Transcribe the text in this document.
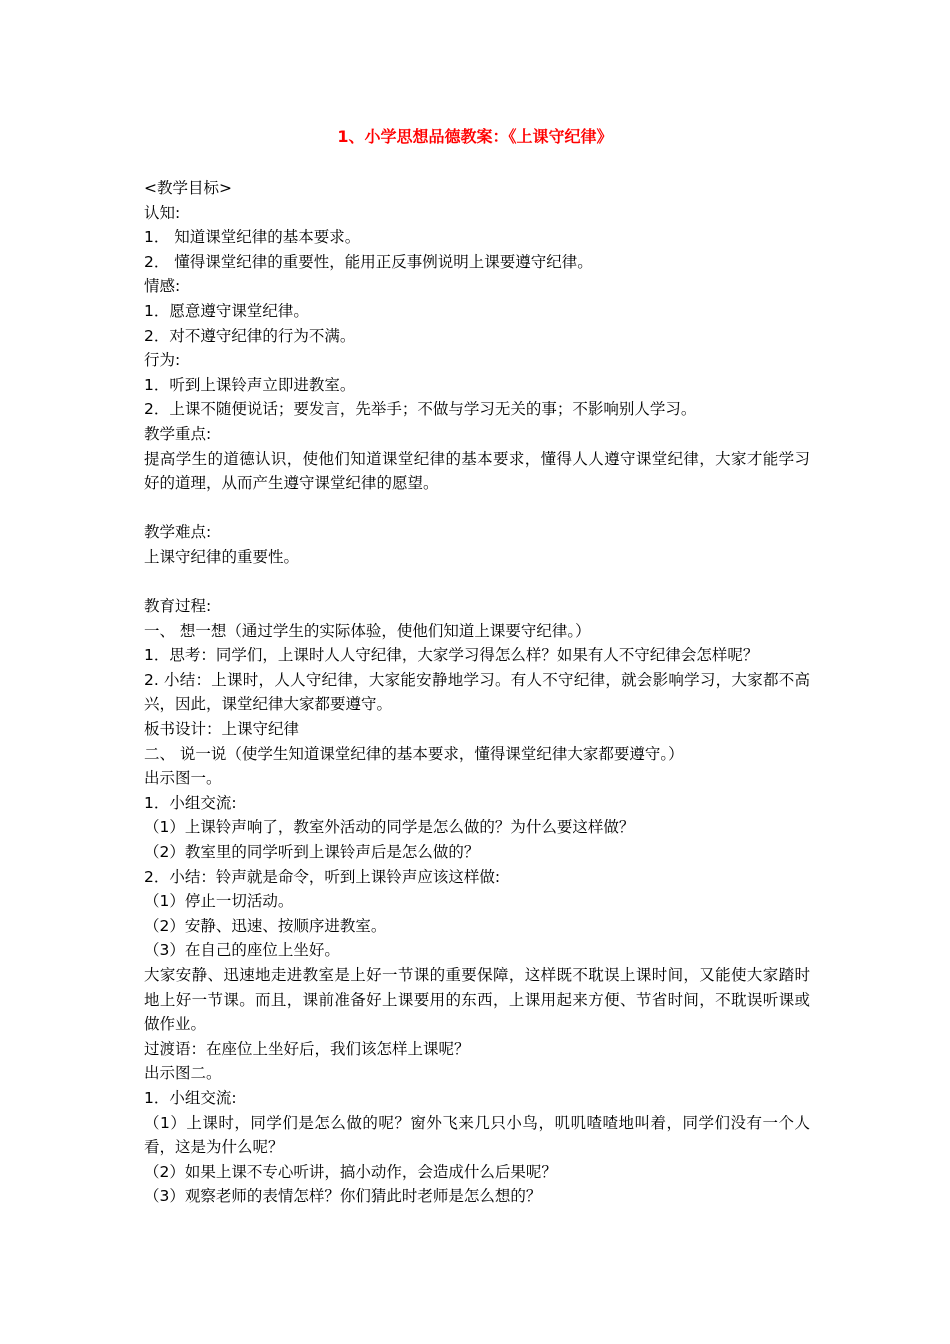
1、小学思想品德教案：《上课守纪律》
<教学目标>
认知:
1． 知道课堂纪律的基本要求。
2． 懂得课堂纪律的重要性，能用正反事例说明上课要遵守纪律。
情感:
1．愿意遵守课堂纪律。
2．对不遵守纪律的行为不满。
行为:
1．听到上课铃声立即进教室。
2．上课不随便说话；要发言，先举手；不做与学习无关的事；不影响别人学习。
教学重点:
提高学生的道德认识，使他们知道课堂纪律的基本要求，懂得人人遵守课堂纪律，大家才能学习好的道理，从而产生遵守课堂纪律的愿望。
教学难点:
上课守纪律的重要性。
教育过程:
一、 想一想（通过学生的实际体验，使他们知道上课要守纪律。）
1．思考：同学们，上课时人人守纪律，大家学习得怎么样？如果有人不守纪律会怎样呢？
2. 小结：上课时，人人守纪律，大家能安静地学习。有人不守纪律，就会影响学习，大家都不高兴，因此，课堂纪律大家都要遵守。
板书设计：上课守纪律
二、 说一说（使学生知道课堂纪律的基本要求，懂得课堂纪律大家都要遵守。）
出示图一。
1．小组交流:
（1）上课铃声响了，教室外活动的同学是怎么做的？为什么要这样做？
（2）教室里的同学听到上课铃声后是怎么做的？
2．小结：铃声就是命令，听到上课铃声应该这样做:
（1）停止一切活动。
（2）安静、迅速、按顺序进教室。
（3）在自己的座位上坐好。
大家安静、迅速地走进教室是上好一节课的重要保障，这样既不耽误上课时间，又能使大家踏时地上好一节课。而且，课前准备好上课要用的东西，上课用起来方便、节省时间，不耽误听课或做作业。
过渡语：在座位上坐好后，我们该怎样上课呢？
出示图二。
1．小组交流:
（1）上课时，同学们是怎么做的呢？窗外飞来几只小鸟，叽叽喳喳地叫着，同学们没有一个人看，这是为什么呢？
（2）如果上课不专心听讲，搞小动作，会造成什么后果呢？
（3）观察老师的表情怎样？你们猜此时老师是怎么想的？
